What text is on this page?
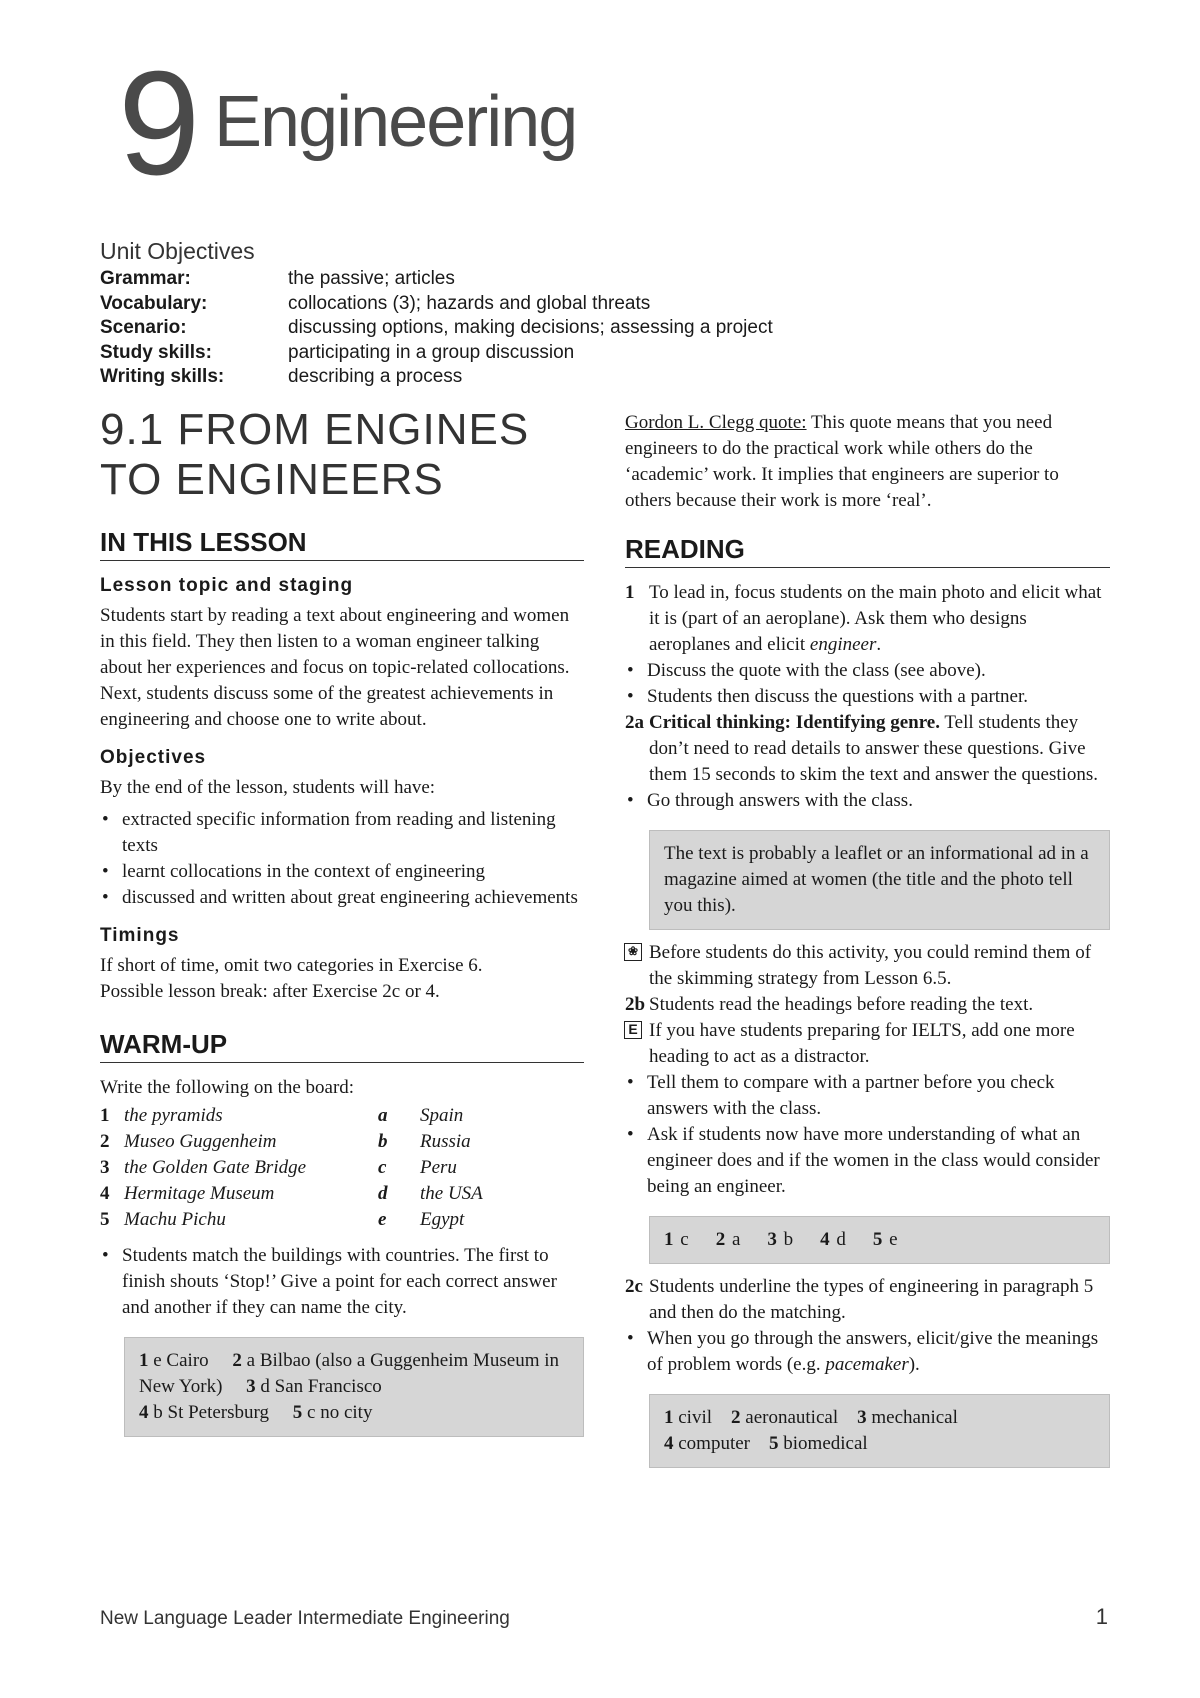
9 Engineering
Unit Objectives
Grammar:	the passive; articles
Vocabulary:	collocations (3); hazards and global threats
Scenario:	discussing options, making decisions; assessing a project
Study skills:	participating in a group discussion
Writing skills:	describing a process
9.1 FROM ENGINES
TO ENGINEERS
IN THIS LESSON
Lesson topic and staging

Students start by reading a text about engineering and women in this field. They then listen to a woman engineer talking about her experiences and focus on topic-related collocations. Next, students discuss some of the greatest achievements in engineering and choose one to write about.

Objectives

By the end of the lesson, students will have:

• extracted specific information from reading and listening texts
• learnt collocations in the context of engineering
• discussed and written about great engineering achievements
Timings

If short of time, omit two categories in Exercise 6.

Possible lesson break: after Exercise 2c or 4.

WARM-UP

Write the following on the board:

1 the pyramids	a	Spain
2 Museo Guggenheim	b	Russia
3 the Golden Gate Bridge	c	Peru
4 Hermitage Museum	d	the USA
5 Machu Pichu	e	Egypt
• Students match the buildings with countries. The first to finish shouts ‘Stop!’ Give a point for each correct answer and another if they can name the city.
1 e Cairo     2 a Bilbao (also a Guggenheim Museum in New York)     3 d San Francisco
4 b St Petersburg     5 c no city

Gordon L. Clegg quote: This quote means that you need engineers to do the practical work while others do the ‘academic’ work. It implies that engineers are superior to others because their work is more ‘real’.

READING
1 To lead in, focus students on the main photo and elicit what it is (part of an aeroplane). Ask them who designs aeroplanes and elicit engineer.
• Discuss the quote with the class (see above).
• Students then discuss the questions with a partner.
2a Critical thinking: Identifying genre. Tell students they don’t need to read details to answer these questions. Give them 15 seconds to skim the text and answer the questions.
• Go through answers with the class.
The text is probably a leaflet or an informational ad in a magazine aimed at women (the title and the photo tell you this).
❀ Before students do this activity, you could remind them of the skimming strategy from Lesson 6.5.
2b Students read the headings before reading the text.
E If you have students preparing for IELTS, add one more heading to act as a distractor.
• Tell them to compare with a partner before you check answers with the class.
• Ask if students now have more understanding of what an engineer does and if the women in the class would consider being an engineer.
1 c 2 a 3 b 4 d 5 e
2c Students underline the types of engineering in paragraph 5 and then do the matching.
• When you go through the answers, elicit/give the meanings of problem words (e.g. pacemaker).
1 civil 2 aeronautical 3 mechanical
4 computer 5 biomedical
New Language Leader Intermediate Engineering	1
